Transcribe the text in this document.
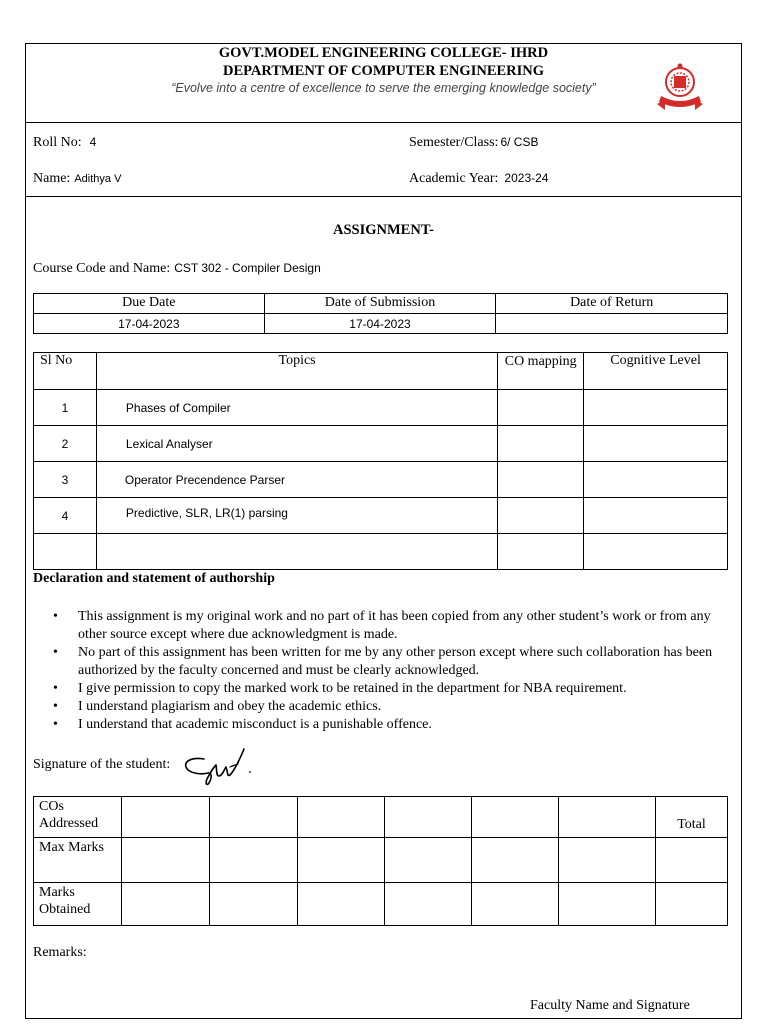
GOVT.MODEL ENGINEERING COLLEGE- IHRD
DEPARTMENT OF COMPUTER ENGINEERING
“Evolve into a centre of excellence to serve the emerging knowledge society”
Roll No: 4	Semester/Class: 6/ CSB
Name: Adithya V	Academic Year: 2023-24
ASSIGNMENT-
Course Code and Name: CST 302 - Compiler Design
Due Date	Date of Submission	Date of Return
17-04-2023	17-04-2023	
Sl No	Topics	CO mapping	Cognitive Level
1	Phases of Compiler		
2	Lexical Analyser		
3	Operator Precendence Parser		
4	Predictive, SLR, LR(1) parsing		

Declaration and statement of authorship
• This assignment is my original work and no part of it has been copied from any other student’s work or from any other source except where due acknowledgment is made.
• No part of this assignment has been written for me by any other person except where such collaboration has been authorized by the faculty concerned and must be clearly acknowledged.
• I give permission to copy the marked work to be retained in the department for NBA requirement.
• I understand plagiarism and obey the academic ethics.
• I understand that academic misconduct is a punishable offence.
Signature of the student:
COs Addressed							Total
Max Marks							
Marks Obtained							
Remarks:
Faculty Name and Signature
